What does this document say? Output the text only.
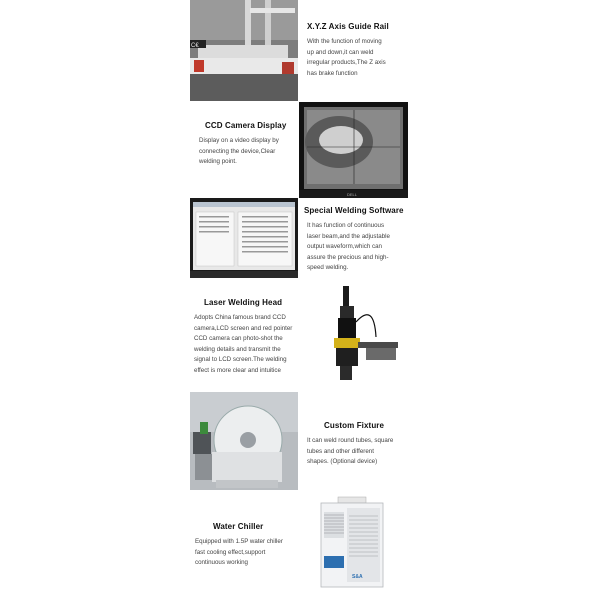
C€
X.Y.Z Axis Guide Rail

With the function of moving
up and down,it can weld
irregular products,The Z axis
has brake function

CCD Camera Display

Display on a video display by
connecting the device,Clear
welding point.

DELL
Special Welding Software

It has function of continuous
laser beam,and the adjustable
output waveform,which can
assure the precious and high-
speed welding.

Laser Welding Head

Adopts China famous brand CCD
camera,LCD screen and red pointer
CCD camera can photo-shot the
welding details and transmit the
signal to LCD screen.The welding
effect is more clear and intuitice

Custom Fixture

It can weld round tubes, square
tubes and other different
shapes. (Optional device)

Water Chiller

Equipped with 1.5P water chiller
fast cooling effect,support
continuous working

S&A
